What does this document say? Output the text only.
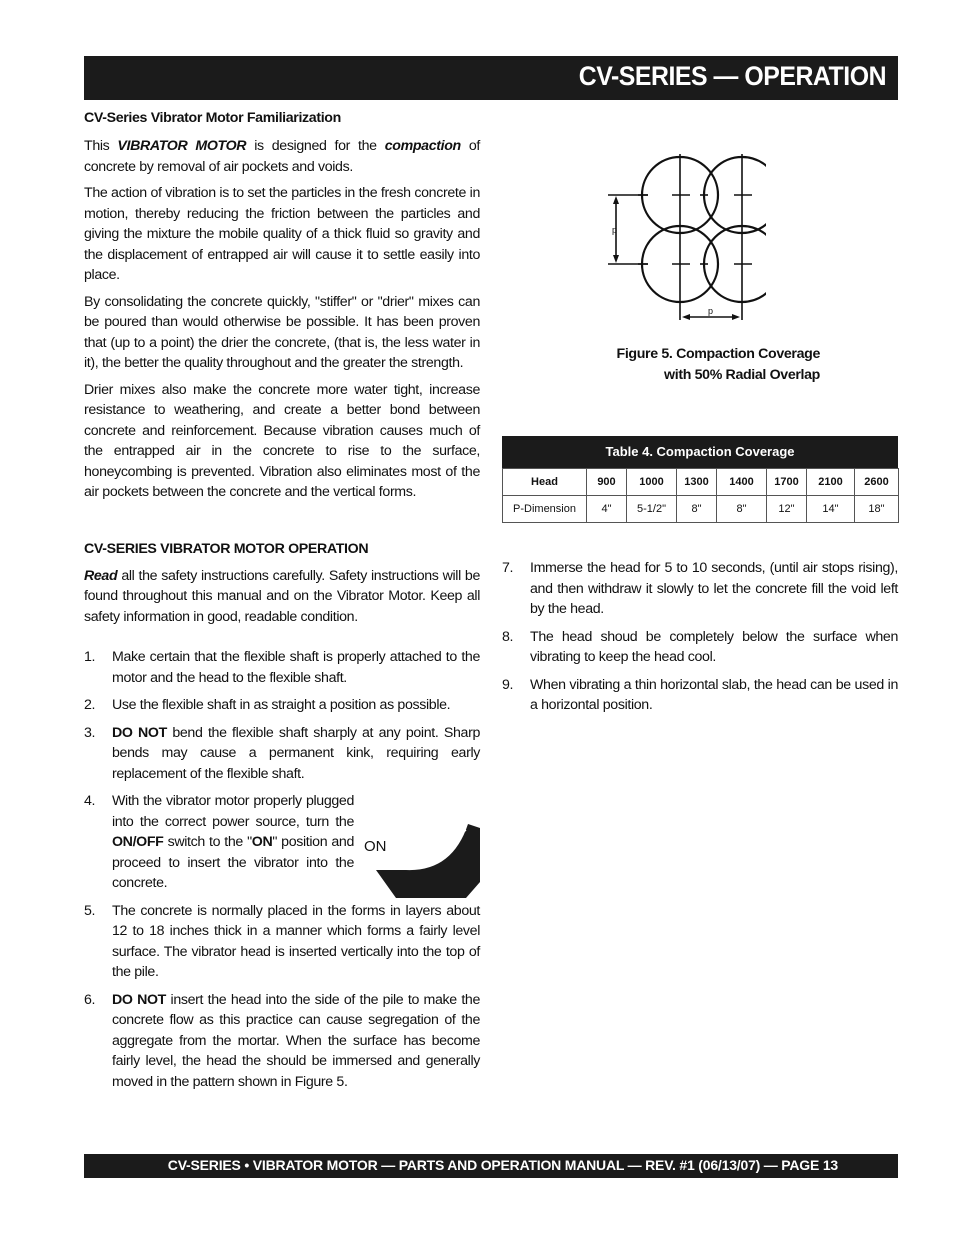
CV-SERIES — OPERATION

CV-Series Vibrator Motor Familiarization

This VIBRATOR MOTOR is designed for the compaction of concrete by removal of air pockets and voids.

The action of vibration is to set the particles in the fresh concrete in motion, thereby reducing the friction between the particles and giving the mixture the mobile quality of a thick fluid so gravity and the displacement of entrapped air will cause it to settle easily into place.

By consolidating the concrete quickly, "stiffer" or "drier" mixes can be poured than would otherwise be possible. It has been proven that (up to a point) the drier the concrete, (that is, the less water in it), the better the quality throughout and the greater the strength.

Drier mixes also make the concrete more water tight, increase resistance to weathering, and create a better bond between concrete and reinforcement. Because vibration causes much of the entrapped air in the concrete to rise to the surface, honeycombing is prevented. Vibration also eliminates most of the air pockets between the concrete and the vertical forms.

CV-SERIES VIBRATOR MOTOR OPERATION

Read all the safety instructions carefully. Safety instructions will be found throughout this manual and on the Vibrator Motor. Keep all safety information in good, readable condition.

1. Make certain that the flexible shaft is properly attached to the motor and the head to the flexible shaft.
2. Use the flexible shaft in as straight a position as possible.
3. DO NOT bend the flexible shaft sharply at any point. Sharp bends may cause a permanent kink, requiring early replacement of the flexible shaft.
4. With the vibrator motor properly plugged into the correct power source, turn the ON/OFF switch to the "ON" position and proceed to insert the vibrator into the concrete.
5. The concrete is normally placed in the forms in layers about 12 to 18 inches thick in a manner which forms a fairly level surface. The vibrator head is inserted vertically into the top of the pile.
6. DO NOT insert the head into the side of the pile to make the concrete flow as this practice can cause segregation of the aggregate from the mortar. When the surface has become fairly level, the head the should be immersed and generally moved in the pattern shown in Figure 5.
ON
p
p
Figure 5. Compaction Coverage
with 50% Radial Overlap
Table 4. Compaction Coverage
Head	900	1000	1300	1400	1700	2100	2600
P-Dimension	4"	5-1/2"	8"	8"	12"	14"	18"
7. Immerse the head for 5 to 10 seconds, (until air stops rising), and then withdraw it slowly to let the concrete fill the void left by the head.
8. The head shoud be completely below the surface when vibrating to keep the head cool.
9. When vibrating a thin horizontal slab, the head can be used in a horizontal position.
CV-SERIES • VIBRATOR MOTOR — PARTS AND OPERATION MANUAL — REV. #1 (06/13/07) — PAGE 13
